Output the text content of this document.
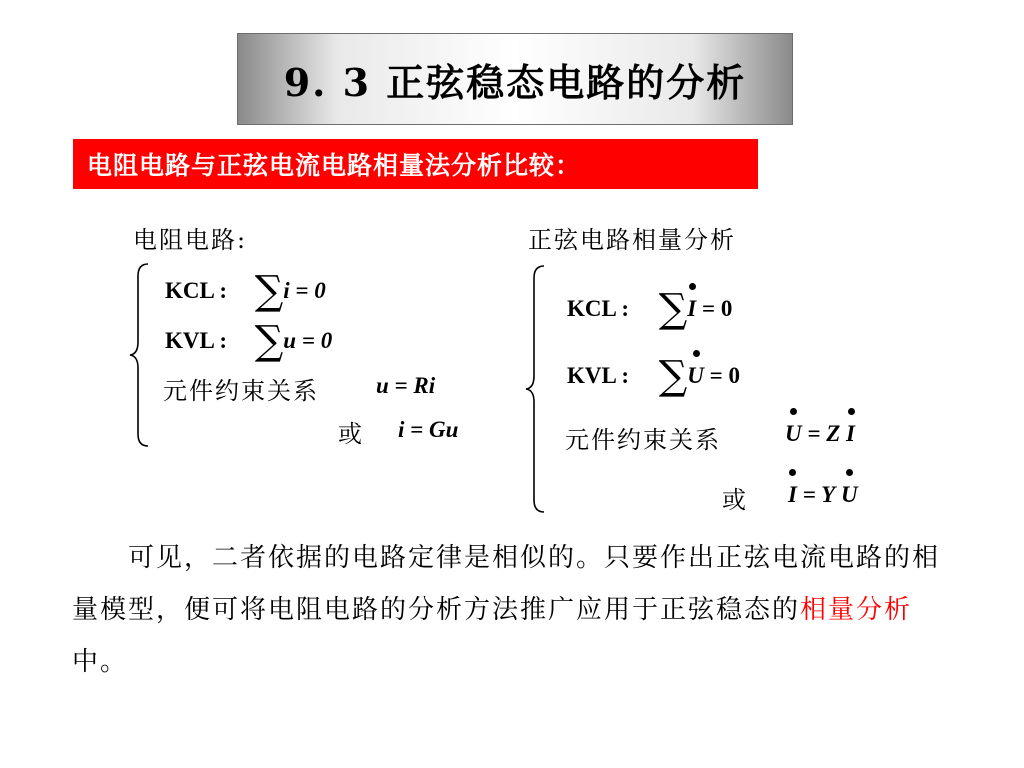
9. 3 正弦稳态电路的分析
电阻电路与正弦电流电路相量法分析比较：
电阻电路:
KCL : ∑i = 0
KVL : ∑u = 0
元件约束关系 u = Ri
或 i = Gu
正弦电路相量分析
KCL : ∑I = 0
KVL : ∑U = 0
元件约束关系	U = Z I
或 I = Y U
　　可见，二者依据的电路定律是相似的。只要作出正弦电流电路的相量模型，便可将电阻电路的分析方法推广应用于正弦稳态的相量分析中。
